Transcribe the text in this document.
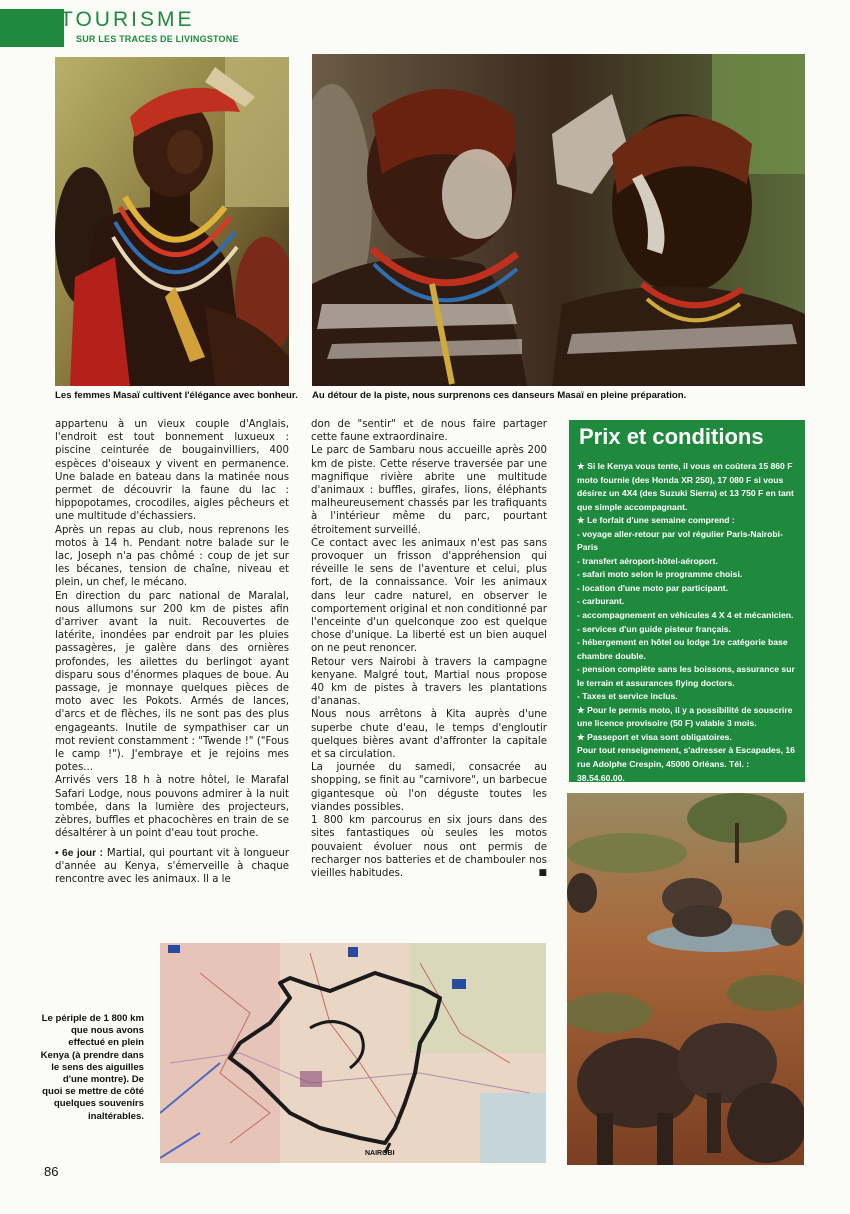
TOURISME
SUR LES TRACES DE LIVINGSTONE
Les femmes Masaï cultivent l'élégance avec bonheur. Au détour de la piste, nous surprenons ces danseurs Masaï en pleine préparation.

appartenu à un vieux couple d'Anglais, l'endroit est tout bonnement luxueux : piscine ceinturée de bougainvilliers, 400 espèces d'oiseaux y vivent en permanence. Une balade en bateau dans la matinée nous permet de découvrir la faune du lac : hippopotames, crocodiles, aigles pêcheurs et une multitude d'échassiers.

Après un repas au club, nous reprenons les motos à 14 h. Pendant notre balade sur le lac, Joseph n'a pas chômé : coup de jet sur les bécanes, tension de chaîne, niveau et plein, un chef, le mécano.

En direction du parc national de Maralal, nous allumons sur 200 km de pistes afin d'arriver avant la nuit. Recouvertes de latérite, inondées par endroit par les pluies passagères, je galère dans des ornières profondes, les ailettes du berlingot ayant disparu sous d'énormes plaques de boue. Au passage, je monnaye quelques pièces de moto avec les Pokots. Armés de lances, d'arcs et de flèches, ils ne sont pas des plus engageants. Inutile de sympathiser car un mot revient constamment : "Twende !" ("Fous le camp !"). J'embraye et je rejoins mes potes...

Arrivés vers 18 h à notre hôtel, le Marafal Safari Lodge, nous pouvons admirer à la nuit tombée, dans la lumière des projecteurs, zèbres, buffles et phacochères en train de se désaltérer à un point d'eau tout proche.

• 6e jour : Martial, qui pourtant vit à longueur d'année au Kenya, s'émerveille à chaque rencontre avec les animaux. Il a le

don de "sentir" et de nous faire partager cette faune extraordinaire.

Le parc de Sambaru nous accueille après 200 km de piste. Cette réserve traversée par une magnifique rivière abrite une multitude d'animaux : buffles, girafes, lions, éléphants malheureusement chassés par les trafiquants à l'intérieur même du parc, pourtant étroitement surveillé.

Ce contact avec les animaux n'est pas sans provoquer un frisson d'appréhension qui réveille le sens de l'aventure et celui, plus fort, de la connaissance. Voir les animaux dans leur cadre naturel, en observer le comportement original et non conditionné par l'enceinte d'un quelconque zoo est quelque chose d'unique. La liberté est un bien auquel on ne peut renoncer.

Retour vers Nairobi à travers la campagne kenyane. Malgré tout, Martial nous propose 40 km de pistes à travers les plantations d'ananas.

Nous nous arrêtons à Kita auprès d'une superbe chute d'eau, le temps d'engloutir quelques bières avant d'affronter la capitale et sa circulation.

La journée du samedi, consacrée au shopping, se finit au "carnivore", un barbecue gigantesque où l'on déguste toutes les viandes possibles.

1 800 km parcourus en six jours dans des sites fantastiques où seules les motos pouvaient évoluer nous ont permis de recharger nos batteries et de chambouler nos vieilles habitudes.	■

Prix et conditions
★ Si le Kenya vous tente, il vous en coûtera 15 860 F moto fournie (des Honda XR 250), 17 080 F si vous désirez un 4X4 (des Suzuki Sierra) et 13 750 F en tant que simple accompagnant.
★ Le forfait d'une semaine comprend :
- voyage aller-retour par vol régulier Paris-Nairobi-Paris
- transfert aéroport-hôtel-aéroport.
- safari moto selon le programme choisi.
- location d'une moto par participant.
- carburant.
- accompagnement en véhicules 4 X 4 et mécanicien.
- services d'un guide pisteur français.
- hébergement en hôtel ou lodge 1re catégorie base chambre double.
- pension complète sans les boissons, assurance sur le terrain et assurances flying doctors.
- Taxes et service inclus.
★ Pour le permis moto, il y a possibilité de souscrire une licence provisoire (50 F) valable 3 mois.
★ Passeport et visa sont obligatoires.
Pour tout renseignement, s'adresser à Escapades, 16 rue Adolphe Crespin, 45000 Orléans. Tél. : 38.54.60.00.
NAIROBI
Le périple de 1 800 km que nous avons effectué en plein Kenya (à prendre dans le sens des aiguilles d'une montre). De quoi se mettre de côté quelques souvenirs inaltérables.
86
